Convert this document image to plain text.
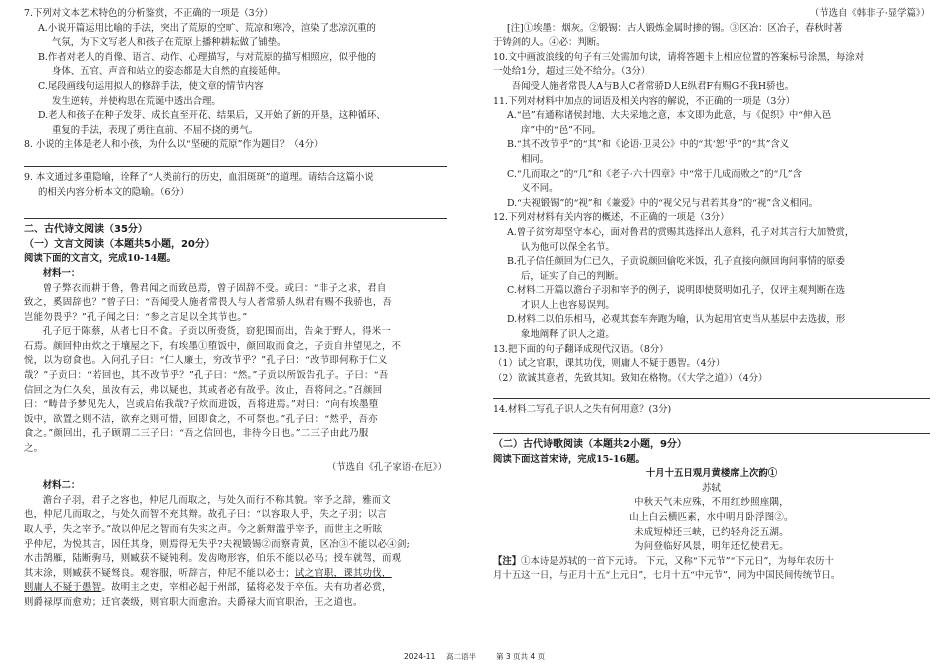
7.下列对文本艺术特色的分析鉴赏，不正确的一项是（3分）

A.小说开篇运用比喻的手法，突出了荒原的空旷、荒凉和寒冷，渲染了悲凉沉重的
气氛，为下文写老人和孩子在荒原上播种耕耘做了铺垫。

B.作者对老人的肖像、语言、动作、心理描写，与对荒原的描写相照应，似乎他的
身体、五官、声音和站立的姿态都是大自然的直接延伸。

C.尾段画线句运用拟人的修辞手法，使文章的情节内容
发生逆转，并使构思在荒诞中透出合理。

D.老人和孩子在种子发芽、成长直至开花、结果后，又开始了新的开垦，这种循环、
重复的手法，表现了勇往直前、不屈不挠的勇气。

8. 小说的主体是老人和小孩，为什么以“坚硬的荒原”作为题目？（4分）

9. 本文通过多重隐喻，诠释了“人类前行的历史，血泪斑斑”的道理。请结合这篇小说

的相关内容分析本文的隐喻。（6分）

二、古代诗文阅读（35分）

（一）文言文阅读（本题共5小题，20分）

阅读下面的文言文，完成10-14题。

材料一：

曾子弊衣而耕于鲁，鲁君闻之而致邑焉，曾子固辞不受。或曰：“非子之求，君自

致之，奚固辞也？”曾子曰：“吾闻受人施者常畏人与人者常骄人纵君有赐不我骄也，吾

岂能勿畏乎？”孔子闻之曰：“参之言足以全其节也。”

孔子厄于陈蔡，从者七日不食。子贡以所赍货，窃犯围而出，告籴于野人，得米一

石焉。颜回仲由炊之于壤屋之下，有埃墨①堕饭中，颜回取而食之，子贡自井望见之，不

悦，以为窃食也。入问孔子曰：“仁人廉士，穷改节乎？”孔子曰：“改节即何称于仁义

哉？”子贡曰：“若回也，其不改节乎？”孔子曰：“然。”子贡以所饭告孔子。子曰：“吾

信回之为仁久矣，虽汝有云，弗以疑也，其或者必有故乎。汝止，吾将问之。”召颜回

曰：“畴昔予梦见先人，岂或启佑我哉?子炊而进饭，吾将进焉。”对曰：“向有埃墨堕

饭中，欲置之则不洁，欲弃之则可惜，回即食之，不可祭也。”孔子曰：“然乎，吾亦

食之。”颜回出，孔子顾谓二三子曰：“吾之信回也，非待今日也。”二三子由此乃服

之。

（节选自《孔子家语·在厄》）

材料二：

澹台子羽，君子之容也，仲尼几而取之，与处久而行不称其貌。宰予之辞，雅而文

也，仲尼几而取之，与处久而智不充其辩。故孔子曰：“以容取人乎，失之子羽；以言

取人乎，失之宰予。”故以仲尼之智而有失实之声。今之新辩滥乎宰予，而世主之听眩

乎仲尼，为悦其言，因任其身，则焉得无失乎?夫视锻锡②而察青黄，区冶③不能以必④剑;

水击鹄雁，陆断驹马，则臧获不疑钝利。发齿吻形容，伯乐不能以必马；授车就驾，而观

其末涂，则臧获不疑驽良。观容服，听辞言，仲尼不能以必士；试之官职，课其功伐，

则庸人不疑于愚智。故明主之吏，宰相必起于州部，猛将必发于卒伍。夫有功者必赏，

则爵禄厚而愈劝；迁官袭级，则官职大而愈治。夫爵禄大而官职治，王之道也。

（节选自《韩非子·显学篇》）

[注]①埃墨：烟灰。②锻锡：古人锻炼金属时掺的锡。③区冶：区冶子，春秋时著

于铸剑的人。④必：判断。

10.文中画波浪线的句子有三处需加句读，请将答题卡上相应位置的答案标号涂黑，每涂对

一处给1分，超过三处不给分。（3分）

吾闻受人施者常畏人A与B人C者常骄D人E纵君F有赐G不我H骄也。

11.下列对材料中加点的词语及相关内容的解说，不正确的一项是（3分）

A.“邑”有通称诸侯封地、大夫采地之意，本文即为此意，与《促织》中“伸入邑
庠”中的“邑”不同。

B.“其不改节乎”的“其”和《论语·卫灵公》中的“其‘恕’乎”的“其”含义
相同。

C.“几而取之”的“几”和《老子·六十四章》中“常于几成而败之”的“几”含
义不同。

D.“夫视锻锡”的“视”和《兼爱》中的“视父兄与君若其身”的“视”含义相同。

12.下列对材料有关内容的概述，不正确的一项是（3分）

A.曾子贫穷却坚守本心，面对鲁君的赏赐其选择出人意料，孔子对其言行大加赞赏，
认为他可以保全名节。

B.孔子信任颜回为仁已久，子贡说颜回偷吃米饭，孔子直接向颜回询问事情的原委
后，证实了自己的判断。

C.材料二开篇以澹台子羽和宰予的例子，说明即使贤明如孔子，仅评主观判断在选
才识人上也容易误判。

D.材料二以伯乐相马，必观其套车奔跑为喻，认为起用官吏当从基层中去选拔，形
象地阐释了识人之道。

13.把下面的句子翻译成现代汉语。（8分）

（1）试之官职，课其功伐，则庸人不疑于愚智。（4分）

（2）欲诚其意者，先致其知。致知在格物。（《大学之道》）（4分）

14.材料二写孔子识人之失有何用意？(3分)

（二）古代诗歌阅读（本题共2小题，9分）

阅读下面这首宋诗，完成15-16题。

十月十五日观月黄楼席上次韵①

苏轼

中秋天气未应殊，不用红纱照座隅，

山上白云横匹素，水中明月卧浮图②。

未成短棹还三峡，已约轻舟泛五湖。

为问登临好风景，明年还忆使君无。

【注】①本诗是苏轼的一首下元诗。 下元，又称“下元节”“下元日”，为每年农历十

月十五这一日，与正月十五“上元日”，七月十五“中元节”，同为中国民间传统节日。

2024-11 高二语半	第 3 页共 4 页
